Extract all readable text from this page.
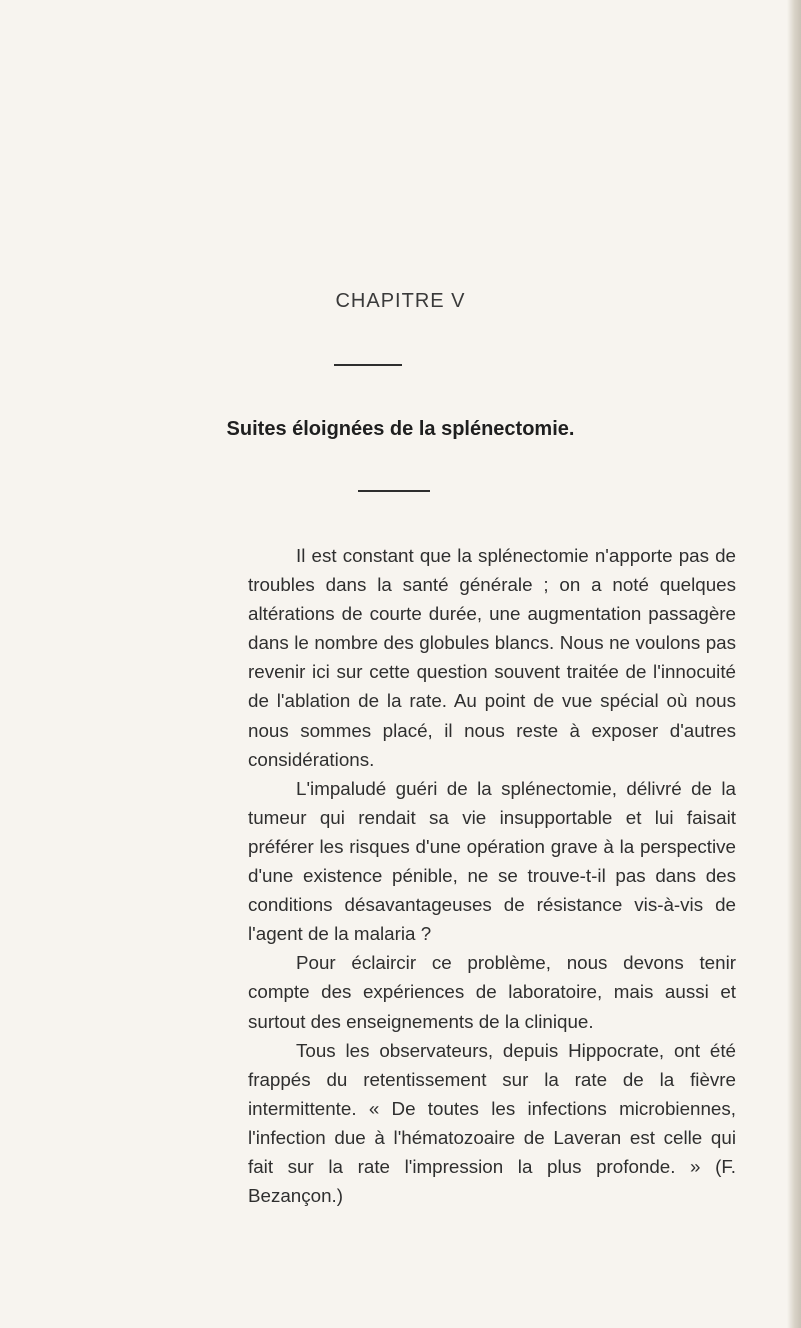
CHAPITRE V
Suites éloignées de la splénectomie.

Il est constant que la splénectomie n'apporte pas de troubles dans la santé générale ; on a noté quelques altérations de courte durée, une augmentation passagère dans le nombre des globules blancs. Nous ne voulons pas revenir ici sur cette question souvent traitée de l'innocuité de l'ablation de la rate. Au point de vue spécial où nous nous sommes placé, il nous reste à exposer d'autres considérations.

L'impaludé guéri de la splénectomie, délivré de la tumeur qui rendait sa vie insupportable et lui faisait préférer les risques d'une opération grave à la perspective d'une existence pénible, ne se trouve-t-il pas dans des conditions désavantageuses de résistance vis-à-vis de l'agent de la malaria ?

Pour éclaircir ce problème, nous devons tenir compte des expériences de laboratoire, mais aussi et surtout des enseignements de la clinique.

Tous les observateurs, depuis Hippocrate, ont été frappés du retentissement sur la rate de la fièvre intermittente. « De toutes les infections microbiennes, l'infection due à l'hématozoaire de Laveran est celle qui fait sur la rate l'impression la plus profonde. » (F. Bezançon.)
